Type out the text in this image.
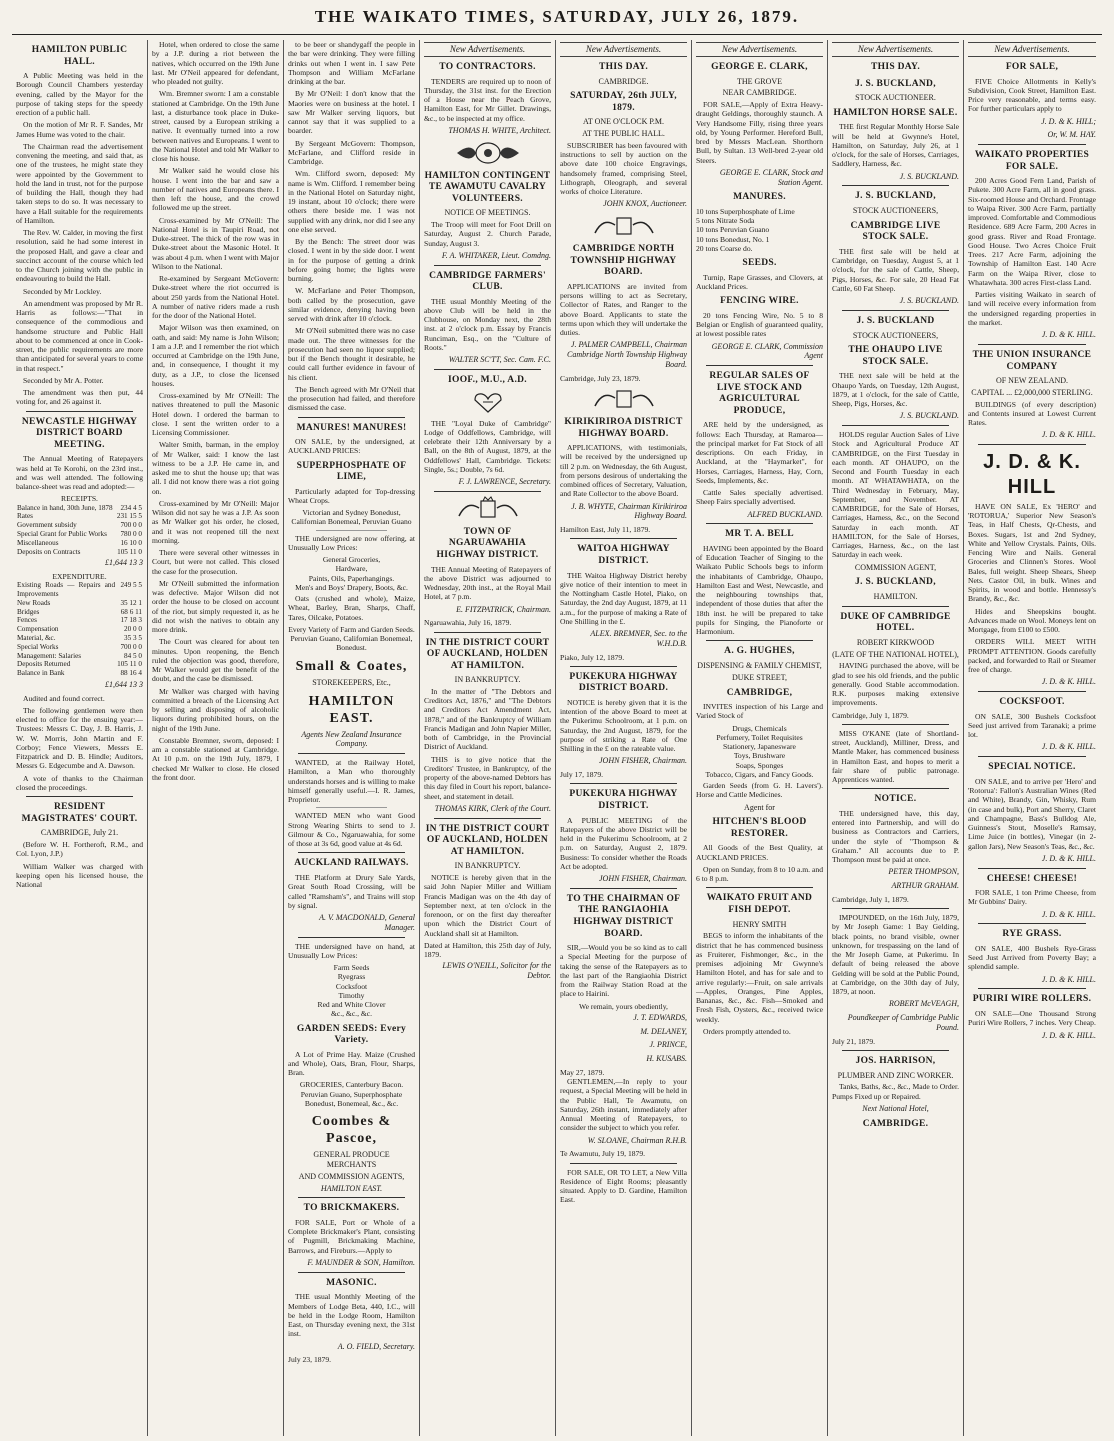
THE WAIKATO TIMES, SATURDAY, JULY 26, 1879.
HAMILTON PUBLIC HALL.

A Public Meeting was held in the Borough Council Chambers yesterday evening, called by the Mayor for the purpose of taking steps for the speedy erection of a public hall.

On the motion of Mr R. F. Sandes, Mr James Hume was voted to the chair.

The Chairman read the advertisement convening the meeting, and said that, as one of the trustees, he might state they were appointed by the Government to hold the land in trust, not for the purpose of building the Hall, though they had taken steps to do so. It was necessary to have a Hall suitable for the requirements of Hamilton.

The Rev. W. Calder, in moving the first resolution, said he had some interest in the proposed Hall, and gave a clear and succinct account of the course which led to the Church joining with the public in endeavouring to build the Hall.

Seconded by Mr Lockley.

An amendment was proposed by Mr R. Harris as follows:—"That in consequence of the commodious and handsome structure and Public Hall about to be commenced at once in Cook-street, the public requirements are more than anticipated for several years to come in that respect."

Seconded by Mr A. Potter.

The amendment was then put, 44 voting for, and 26 against it.

NEWCASTLE HIGHWAY DISTRICT BOARD MEETING.

The Annual Meeting of Ratepayers was held at Te Korohi, on the 23rd inst., and was well attended. The following balance-sheet was read and adopted:—

RECEIPTS.
Balance in hand, 30th June, 1878	234 4 5
Rates	231 15 5
Government subsidy	700 0 0
Special Grant for Public Works	780 0 0
Miscellaneous	16 10 0
Deposits on Contracts	105 11 0
£1,644 13 3
EXPENDITURE.
Existing Roads — Repairs and Improvements	249 5 5
New Roads	35 12 1
Bridges	68 6 11
Fences	17 18 3
Compensation	20 0 0
Material, &c.	35 3 5
Special Works	700 0 0
Management: Salaries	84 5 0
Deposits Returned	105 11 0
Balance in Bank	88 16 4
£1,644 13 3

Audited and found correct.

The following gentlemen were then elected to office for the ensuing year:—Trustees: Messrs C. Day, J. B. Harris, J. W. W. Morris, John Martin and F. Corboy; Fence Viewers, Messrs E. Fitzpatrick and D. B. Hindle; Auditors, Messrs G. Edgecumbe and A. Dawson.

A vote of thanks to the Chairman closed the proceedings.

RESIDENT MAGISTRATES' COURT.
CAMBRIDGE, July 21.

(Before W. H. Fortheroft, R.M., and Col. Lyon, J.P.)

William Walker was charged with keeping open his licensed house, the National

Hotel, when ordered to close the same by a J.P. during a riot between the natives, which occurred on the 19th June last. Mr O'Neil appeared for defendant, who pleaded not guilty.

Wm. Bremner sworn: I am a constable stationed at Cambridge. On the 19th June last, a disturbance took place in Duke-street, caused by a European striking a native. It eventually turned into a row between natives and Europeans. I went to the National Hotel and told Mr Walker to close his house.

Mr Walker said he would close his house. I went into the bar and saw a number of natives and Europeans there. I then left the house, and the crowd followed me up the street.

Cross-examined by Mr O'Neill: The National Hotel is in Taupiri Road, not Duke-street. The thick of the row was in Duke-street about the Masonic Hotel. It was about 4 p.m. when I went with Major Wilson to the National.

Re-examined by Sergeant McGovern: Duke-street where the riot occurred is about 250 yards from the National Hotel. A number of native riders made a rush for the door of the National Hotel.

Major Wilson was then examined, on oath, and said: My name is John Wilson; I am a J.P. and I remember the riot which occurred at Cambridge on the 19th June, and, in consequence, I thought it my duty, as a J.P., to close the licensed houses.

Cross-examined by Mr O'Neill: The natives threatened to pull the Masonic Hotel down. I ordered the barman to close. I sent the written order to a Licensing Commissioner.

Walter Smith, barman, in the employ of Mr Walker, said: I know the last witness to be a J.P. He came in, and asked me to shut the house up; that was all. I did not know there was a riot going on.

Cross-examined by Mr O'Neill: Major Wilson did not say he was a J.P. As soon as Mr Walker got his order, he closed, and it was not reopened till the next morning.

There were several other witnesses in Court, but were not called. This closed the case for the prosecution.

Mr O'Neill submitted the information was defective. Major Wilson did not order the house to be closed on account of the riot, but simply requested it, as he did not wish the natives to obtain any more drink.

The Court was cleared for about ten minutes. Upon reopening, the Bench ruled the objection was good, therefore, Mr Walker would get the benefit of the doubt, and the case be dismissed.

Mr Walker was charged with having committed a breach of the Licensing Act by selling and disposing of alcoholic liquors during prohibited hours, on the night of the 19th June.

Constable Bremner, sworn, deposed: I am a constable stationed at Cambridge. At 10 p.m. on the 19th July, 1879, I checked Mr Walker to close. He closed the front door.

to be beer or shandygaff the people in the bar were drinking. They were filling drinks out when I went in. I saw Pete Thompson and William McFarlane drinking at the bar.

By Mr O'Neil: I don't know that the Maories were on business at the hotel. I saw Mr Walker serving liquors, but cannot say that it was supplied to a boarder.

By Sergeant McGovern: Thompson, McFarlane, and Clifford reside in Cambridge.

Wm. Clifford sworn, deposed: My name is Wm. Clifford. I remember being in the National Hotel on Saturday night, 19 instant, about 10 o'clock; there were others there beside me. I was not supplied with any drink, nor did I see any one else served.

By the Bench: The street door was closed. I went in by the side door. I went in for the purpose of getting a drink before going home; the lights were burning.

W. McFarlane and Peter Thompson, both called by the prosecution, gave similar evidence, denying having been served with drink after 10 o'clock.

Mr O'Neil submitted there was no case made out. The three witnesses for the prosecution had seen no liquor supplied; but if the Bench thought it desirable, he could call further evidence in favour of his client.

The Bench agreed with Mr O'Neil that the prosecution had failed, and therefore dismissed the case.

MANURES! MANURES!

ON SALE, by the undersigned, at AUCKLAND PRICES:

SUPERPHOSPHATE OF LIME,

Particularly adapted for Top-dressing Wheat Crops.

Victorian and Sydney Bonedust, Californian Bonemeal, Peruvian Guano

THE undersigned are now offering, at Unusually Low Prices:

General Groceries,
Hardware,
Paints, Oils, Paperhangings.
Men's and Boys' Drapery, Boots, &c.

Oats (crushed and whole), Maize, Wheat, Barley, Bran, Sharps, Chaff, Tares, Oilcake, Potatoes.

Every Variety of Farm and Garden Seeds.
Peruvian Guano, Californian Bonemeal, Bonedust.
Small & Coates,
STOREKEEPERS, Etc.,
HAMILTON EAST.
Agents New Zealand Insurance Company.

WANTED, at the Railway Hotel, Hamilton, a Man who thoroughly understands horses and is willing to make himself generally useful.—I. R. James, Proprietor.

WANTED MEN who want Good Strong Wearing Shirts to send to J. Gilmour & Co., Ngaruawahia, for some of those at 3s 6d, good value at 4s 6d.

AUCKLAND RAILWAYS.

THE Platform at Drury Sale Yards, Great South Road Crossing, will be called "Ramsham's", and Trains will stop by signal.

A. V. MACDONALD, General Manager.

THE undersigned have on hand, at Unusually Low Prices:

Farm Seeds
Ryegrass
Cocksfoot
Timothy
Red and White Clover
&c., &c., &c.
GARDEN SEEDS: Every Variety.

A Lot of Prime Hay. Maize (Crushed and Whole), Oats, Bran, Flour, Sharps, Bran.

GROCERIES, Canterbury Bacon.
Peruvian Guano, Superphosphate Bonedust, Bonemeal, &c., &c.
Coombes & Pascoe,
GENERAL PRODUCE MERCHANTS
AND COMMISSION AGENTS,
HAMILTON EAST.
TO BRICKMAKERS.

FOR SALE, Port or Whole of a Complete Brickmaker's Plant, consisting of Pugmill, Brickmaking Machine, Barrows, and Fireburs.—Apply to

F. MAUNDER & SON, Hamilton.
MASONIC.

THE usual Monthly Meeting of the Members of Lodge Beta, 440, I.C., will be held in the Lodge Room, Hamilton East, on Thursday evening next, the 31st inst.

A. O. FIELD, Secretary.
July 23, 1879.
New Advertisements.
TO CONTRACTORS.

TENDERS are required up to noon of Thursday, the 31st inst. for the Erection of a House near the Peach Grove, Hamilton East, for Mr Gillet. Drawings, &c., to be inspected at my office.

THOMAS H. WHITE, Architect.
HAMILTON CONTINGENT TE AWAMUTU CAVALRY VOLUNTEERS.
NOTICE OF MEETINGS.

The Troop will meet for Foot Drill on Saturday, August 2. Church Parade, Sunday, August 3.

F. A. WHITAKER, Lieut. Comdng.
CAMBRIDGE FARMERS' CLUB.

THE usual Monthly Meeting of the above Club will be held in the Clubhouse, on Monday next, the 28th inst. at 2 o'clock p.m. Essay by Francis Runciman, Esq., on the "Culture of Roots."

WALTER SC'TT, Sec. Cam. F.C.
IOOF., M.U., A.D.

THE "Loyal Duke of Cambridge" Lodge of Oddfellows, Cambridge, will celebrate their 12th Anniversary by a Ball, on the 8th of August, 1879, at the Oddfellows' Hall, Cambridge. Tickets: Single, 5s.; Double, 7s 6d.

F. J. LAWRENCE, Secretary.
TOWN OF NGARUAWAHIA HIGHWAY DISTRICT.

THE Annual Meeting of Ratepayers of the above District was adjourned to Wednesday, 20th inst., at the Royal Mail Hotel, at 7 p.m.

E. FITZPATRICK, Chairman.
Ngaruawahia, July 16, 1879.
IN THE DISTRICT COURT OF AUCKLAND, HOLDEN AT HAMILTON.
IN BANKRUPTCY.

In the matter of "The Debtors and Creditors Act, 1876," and "The Debtors and Creditors Act Amendment Act, 1878," and of the Bankruptcy of William Francis Madigan and John Napier Miller, both of Cambridge, in the Provincial District of Auckland.

THIS is to give notice that the Creditors' Trustee, in Bankruptcy, of the property of the above-named Debtors has this day filed in Court his report, balance-sheet, and statement in detail.

THOMAS KIRK, Clerk of the Court.
IN THE DISTRICT COURT OF AUCKLAND, HOLDEN AT HAMILTON.
IN BANKRUPTCY.

NOTICE is hereby given that in the said John Napier Miller and William Francis Madigan was on the 4th day of September next, at ten o'clock in the forenoon, or on the first day thereafter upon which the District Court of Auckland shall sit at Hamilton.

Dated at Hamilton, this 25th day of July, 1879.
LEWIS O'NEILL, Solicitor for the Debtor.
New Advertisements.
THIS DAY.
CAMBRIDGE.
SATURDAY, 26th JULY, 1879.
AT ONE O'CLOCK P.M.
AT THE PUBLIC HALL.

SUBSCRIBER has been favoured with instructions to sell by auction on the above date 100 choice Engravings, handsomely framed, comprising Steel, Lithograph, Oleograph, and several works of choice Literature.

JOHN KNOX, Auctioneer.
CAMBRIDGE NORTH TOWNSHIP HIGHWAY BOARD.

APPLICATIONS are invited from persons willing to act as Secretary, Collector of Rates, and Ranger to the above Board. Applicants to state the terms upon which they will undertake the duties.

J. PALMER CAMPBELL, Chairman Cambridge North Township Highway Board.
Cambridge, July 23, 1879.
KIRIKIRIROA DISTRICT HIGHWAY BOARD.

APPLICATIONS, with testimonials, will be received by the undersigned up till 2 p.m. on Wednesday, the 6th August, from persons desirous of undertaking the combined offices of Secretary, Valuation, and Rate Collector to the above Board.

J. B. WHYTE, Chairman Kirikiriroa Highway Board.
Hamilton East, July 11, 1879.
WAITOA HIGHWAY DISTRICT.

THE Waitoa Highway District hereby give notice of their intention to meet in the Nottingham Castle Hotel, Piako, on Saturday, the 2nd day August, 1879, at 11 a.m., for the purpose of making a Rate of One Shilling in the £.

ALEX. BREMNER, Sec. to the W.H.D.B.
Piako, July 12, 1879.
PUKEKURA HIGHWAY DISTRICT BOARD.

NOTICE is hereby given that it is the intention of the above Board to meet at the Pukerimu Schoolroom, at 1 p.m. on Saturday, the 2nd August, 1879, for the purpose of striking a Rate of One Shilling in the £ on the rateable value.

JOHN FISHER, Chairman.
July 17, 1879.
PUKEKURA HIGHWAY DISTRICT.

A PUBLIC MEETING of the Ratepayers of the above District will be held in the Pukerimu Schoolroom, at 2 p.m. on Saturday, August 2, 1879. Business: To consider whether the Roads Act be adopted.

JOHN FISHER, Chairman.
TO THE CHAIRMAN OF THE RANGIAOHIA HIGHWAY DISTRICT BOARD.

SIR,—Would you be so kind as to call a Special Meeting for the purpose of taking the sense of the Ratepayers as to the last part of the Rangiaohia District from the Railway Station Road at the place to Hairini.

We remain, yours obediently,
J. T. EDWARDS,
M. DELANEY,
J. PRINCE,
H. KUSABS.
May 27, 1879.

GENTLEMEN,—In reply to your request, a Special Meeting will be held in the Public Hall, Te Awamutu, on Saturday, 26th instant, immediately after Annual Meeting of Ratepayers, to consider the subject to which you refer.

W. SLOANE, Chairman R.H.B.
Te Awamutu, July 19, 1879.

FOR SALE, OR TO LET, a New Villa Residence of Eight Rooms; pleasantly situated. Apply to D. Gardine, Hamilton East.

New Advertisements.
GEORGE E. CLARK,
THE GROVE
NEAR CAMBRIDGE.

FOR SALE,—Apply of Extra Heavy-draught Geldings, thoroughly staunch. A Very Handsome Filly, rising three years old, by Young Performer. Hereford Bull, bred by Messrs MacLean. Shorthorn Bull, by Sultan. 13 Well-bred 2-year old Steers.

GEORGE E. CLARK, Stock and Station Agent.
MANURES.
10 tons Superphosphate of Lime
5 tons Nitrate Soda
10 tons Peruvian Guano
10 tons Bonedust, No. 1
20 tons Coarse do.
SEEDS.

Turnip, Rape Grasses, and Clovers, at Auckland Prices.

FENCING WIRE.

20 tons Fencing Wire, No. 5 to 8 Belgian or English of guaranteed quality, at lowest possible rates

GEORGE E. CLARK, Commission Agent
REGULAR SALES OF LIVE STOCK AND AGRICULTURAL PRODUCE,

ARE held by the undersigned, as follows: Each Thursday, at Ramaroa—the principal market for Fat Stock of all descriptions. On each Friday, in Auckland, at the "Haymarket", for Horses, Carriages, Harness, Hay, Corn, Seeds, Implements, &c.

Cattle Sales specially advertised. Sheep Fairs specially advertised.

ALFRED BUCKLAND.
MR T. A. BELL

HAVING been appointed by the Board of Education Teacher of Singing to the Waikato Public Schools begs to inform the inhabitants of Cambridge, Ohaupo, Hamilton East and West, Newcastle, and the neighbouring townships that, independent of those duties that after the 18th inst. he will be prepared to take pupils for Singing, the Pianoforte or Harmonium.

A. G. HUGHES,
DISPENSING & FAMILY CHEMIST,
DUKE STREET,
CAMBRIDGE,

INVITES inspection of his Large and Varied Stock of

Drugs, Chemicals
Perfumery, Toilet Requisites
Stationery, Japanesware
Toys, Brushware
Soaps, Sponges
Tobacco, Cigars, and Fancy Goods.

Garden Seeds (from G. H. Lavers'). Horse and Cattle Medicines.

Agent for
HITCHEN'S BLOOD RESTORER.

All Goods of the Best Quality, at AUCKLAND PRICES.

Open on Sunday, from 8 to 10 a.m. and 6 to 8 p.m.

WAIKATO FRUIT AND FISH DEPOT.
HENRY SMITH

BEGS to inform the inhabitants of the district that he has commenced business as Fruiterer, Fishmonger, &c., in the premises adjoining Mr Gwynne's Hamilton Hotel, and has for sale and to arrive regularly:—Fruit, on sale arrivals—Apples, Oranges, Pine Apples, Bananas, &c., &c. Fish—Smoked and Fresh Fish, Oysters, &c., received twice weekly.

Orders promptly attended to.

New Advertisements.
THIS DAY.
J. S. BUCKLAND,
STOCK AUCTIONEER.
HAMILTON HORSE SALE.

THE first Regular Monthly Horse Sale will be held at Gwynne's Hotel, Hamilton, on Saturday, July 26, at 1 o'clock, for the sale of Horses, Carriages, Saddlery, Harness, &c.

J. S. BUCKLAND.
J. S. BUCKLAND,
STOCK AUCTIONEERS,
CAMBRIDGE LIVE STOCK SALE.

THE first sale will be held at Cambridge, on Tuesday, August 5, at 1 o'clock, for the sale of Cattle, Sheep, Pigs, Horses, &c. For sale, 20 Head Fat Cattle, 60 Fat Sheep.

J. S. BUCKLAND.
J. S. BUCKLAND
STOCK AUCTIONEERS,
THE OHAUPO LIVE STOCK SALE.

THE next sale will be held at the Ohaupo Yards, on Tuesday, 12th August, 1879, at 1 o'clock, for the sale of Cattle, Sheep, Pigs, Horses, &c.

J. S. BUCKLAND.

HOLDS regular Auction Sales of Live Stock and Agricultural Produce AT CAMBRIDGE, on the First Tuesday in each month. AT OHAUPO, on the Second and Fourth Tuesday in each month. AT WHATAWHATA, on the Third Wednesday in February, May, September, and November. AT CAMBRIDGE, for the Sale of Horses, Carriages, Harness, &c., on the Second Saturday in each month. AT HAMILTON, for the Sale of Horses, Carriages, Harness, &c., on the last Saturday in each week.

COMMISSION AGENT,
J. S. BUCKLAND,
HAMILTON.
DUKE OF CAMBRIDGE HOTEL.
ROBERT KIRKWOOD
(LATE OF THE NATIONAL HOTEL),

HAVING purchased the above, will be glad to see his old friends, and the public generally. Good Stable accommodation. R.K. purposes making extensive improvements.

Cambridge, July 1, 1879.

MISS O'KANE (late of Shortland-street, Auckland), Milliner, Dress, and Mantle Maker, has commenced business in Hamilton East, and hopes to merit a fair share of public patronage. Apprentices wanted.

NOTICE.

THE undersigned have, this day, entered into Partnership, and will do business as Contractors and Carriers, under the style of "Thompson & Graham." All accounts due to P. Thompson must be paid at once.

PETER THOMPSON,
ARTHUR GRAHAM.
Cambridge, July 1, 1879.

IMPOUNDED, on the 16th July, 1879, by Mr Joseph Game: 1 Bay Gelding, black points, no brand visible, owner unknown, for trespassing on the land of the Mr Joseph Game, at Pukerimu. In default of being released the above Gelding will be sold at the Public Pound, at Cambridge, on the 30th day of July, 1879, at noon.

ROBERT McVEAGH,
Poundkeeper of Cambridge Public Pound.
July 21, 1879.
JOS. HARRISON,
PLUMBER AND ZINC WORKER.

Tanks, Baths, &c., &c., Made to Order. Pumps Fixed up or Repaired.

Next National Hotel,
CAMBRIDGE.
New Advertisements.
FOR SALE,

FIVE Choice Allotments in Kelly's Subdivision, Cook Street, Hamilton East. Price very reasonable, and terms easy. For further particulars apply to

J. D. & K. HILL;
Or, W. M. HAY.
WAIKATO PROPERTIES FOR SALE.

200 Acres Good Fern Land, Parish of Pukete. 300 Acre Farm, all in good grass. Six-roomed House and Orchard. Frontage to Waipa River. 300 Acre Farm, partially improved. Comfortable and Commodious Residence. 689 Acre Farm, 200 Acres in good grass. River and Road Frontage. Good House. Two Acres Choice Fruit Trees. 217 Acre Farm, adjoining the Township of Hamilton East. 140 Acre Farm on the Waipa River, close to Whatawhata. 300 acres First-class Land.

Parties visiting Waikato in search of land will receive every information from the undersigned regarding properties in the market.

J. D. & K. HILL.
THE UNION INSURANCE COMPANY
OF NEW ZEALAND.
CAPITAL ... £2,000,000 STERLING.

BUILDINGS (of every description) and Contents insured at Lowest Current Rates.

J. D. & K. HILL.
J. D. & K. HILL

HAVE ON SALE, Ex 'HERO' and 'ROTORUA,' Superior New Season's Teas, in Half Chests, Qr-Chests, and Boxes. Sugars, 1st and 2nd Sydney, White and Yellow Crystals. Paints, Oils. Fencing Wire and Nails. General Groceries and Clinnen's Stores. Wool Bales, full weight. Sheep Shears, Sheep Nets. Castor Oil, in bulk. Wines and Spirits, in wood and bottle. Hennessy's Brandy, &c., &c.

Hides and Sheepskins bought. Advances made on Wool. Moneys lent on Mortgage, from £100 to £500.

ORDERS WILL MEET WITH PROMPT ATTENTION. Goods carefully packed, and forwarded to Rail or Steamer free of charge.

J. D. & K. HILL.
COCKSFOOT.

ON SALE, 300 Bushels Cocksfoot Seed just arrived from Taranaki; a prime lot.

J. D. & K. HILL.
SPECIAL NOTICE.

ON SALE, and to arrive per 'Hero' and 'Rotorua': Fallon's Australian Wines (Red and White), Brandy, Gin, Whisky, Rum (in case and bulk), Port and Sherry, Claret and Champagne, Bass's Bulldog Ale, Guinness's Stout, Moselle's Ramsay, Lime Juice (in bottles), Vinegar (in 2-gallon Jars), New Season's Teas, &c., &c.

J. D. & K. HILL.
CHEESE! CHEESE!

FOR SALE, 1 ton Prime Cheese, from Mr Gubbins' Dairy.

J. D. & K. HILL.
RYE GRASS.

ON SALE, 400 Bushels Rye-Grass Seed Just Arrived from Poverty Bay; a splendid sample.

J. D. & K. HILL.
PURIRI WIRE ROLLERS.

ON SALE—One Thousand Strong Puriri Wire Rollers, 7 inches. Very Cheap.

J. D. & K. HILL.
